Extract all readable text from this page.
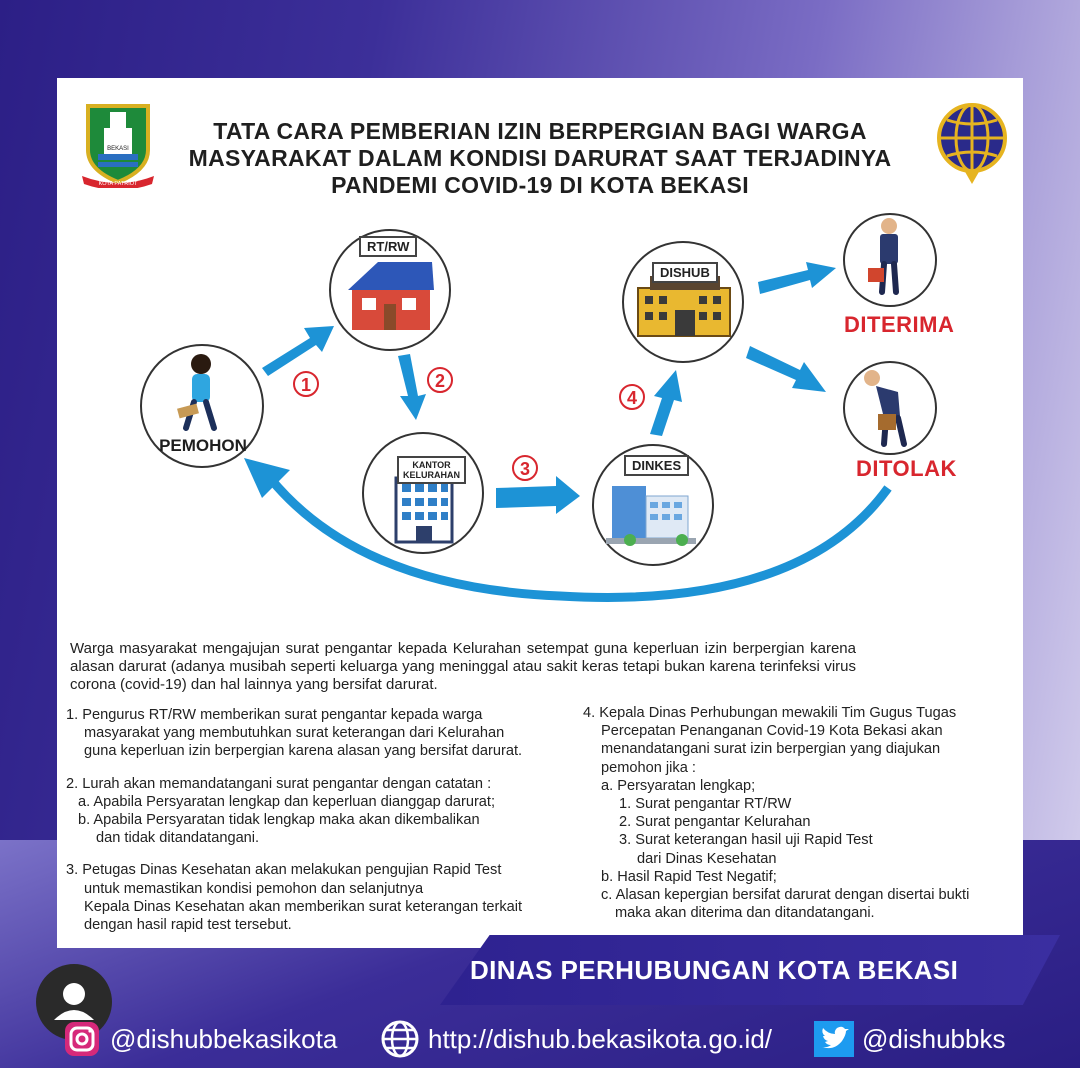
BEKASI
KOTA PATRIOT
TATA CARA PEMBERIAN IZIN BERPERGIAN BAGI WARGA
MASYARAKAT DALAM KONDISI DARURAT SAAT TERJADINYA
PANDEMI COVID-19 DI KOTA BEKASI
1	2
3
4
RT/RW
KANTOR
KELURAHAN
DINKES
DISHUB
PEMOHON
DITERIMA
DITOLAK

Warga masyarakat mengajujan surat pengantar kepada Kelurahan setempat guna keperluan izin berpergian karena alasan darurat (adanya musibah seperti keluarga yang meninggal atau sakit keras tetapi bukan karena terinfeksi virus corona (covid-19) dan hal lainnya yang bersifat darurat.

1. Pengurus RT/RW memberikan surat pengantar kepada warga
masyarakat yang membutuhkan surat keterangan dari Kelurahan
guna keperluan izin berpergian karena alasan yang bersifat darurat.
2. Lurah akan memandatangani surat pengantar dengan catatan :
a. Apabila Persyaratan lengkap dan keperluan dianggap darurat;
b. Apabila Persyaratan tidak lengkap maka akan dikembalikan
dan tidak ditandatangani.
3. Petugas Dinas Kesehatan akan melakukan pengujian Rapid Test
untuk memastikan kondisi pemohon dan selanjutnya
Kepala Dinas Kesehatan akan memberikan surat keterangan terkait
dengan hasil rapid test tersebut.
4. Kepala Dinas Perhubungan mewakili Tim Gugus Tugas
Percepatan Penanganan Covid-19 Kota Bekasi akan
menandatangani surat izin berpergian yang diajukan
pemohon jika :
a. Persyaratan lengkap;
1. Surat pengantar RT/RW
2. Surat pengantar Kelurahan
3. Surat keterangan hasil uji Rapid Test
dari Dinas Kesehatan
b. Hasil Rapid Test Negatif;
c. Alasan kepergian bersifat darurat dengan disertai bukti
maka akan diterima dan ditandatangani.
DINAS PERHUBUNGAN KOTA BEKASI
@dishubbekasikota	http://dishub.bekasikota.go.id/	@dishubbks
